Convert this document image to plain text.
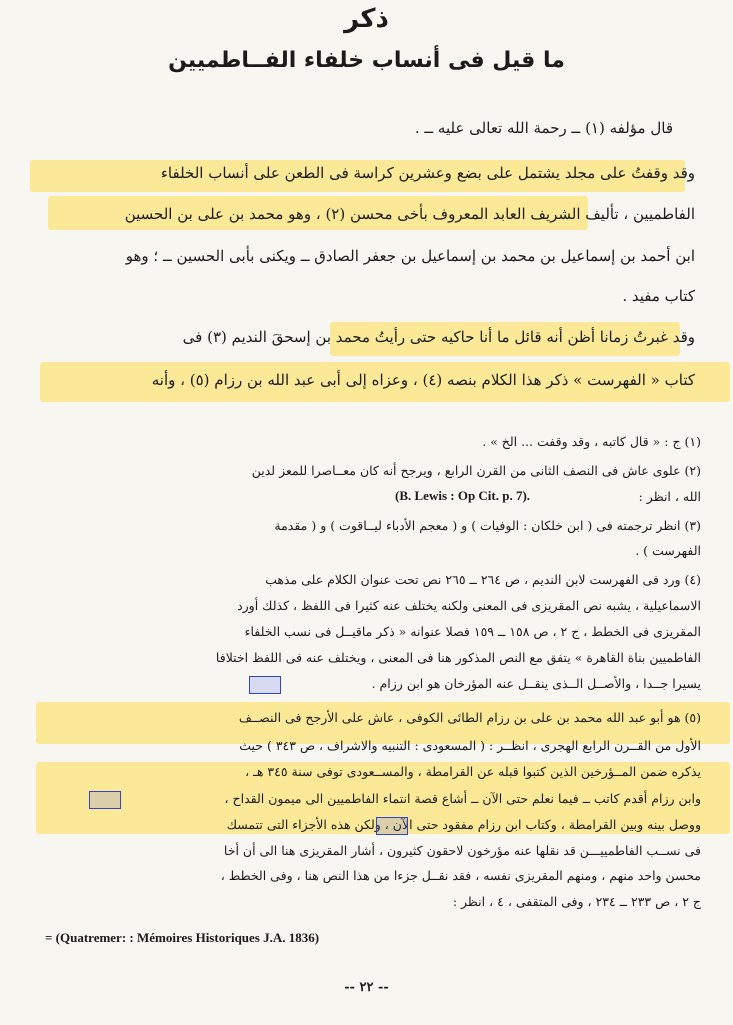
ذكر
ما قيل فى أنساب خلفاء الفــاطميين
قال مؤلفه (١) ــ رحمة الله تعالى عليه ــ .
وقد وقفتُ على مجلد يشتمل على بضع وعشرين كراسة فى الطعن على أنساب الخلفاء
الفاطميين ، تأليف الشريف العابد المعروف بأخى محسن (٢) ، وهو محمد بن على بن الحسين
ابن أحمد بن إسماعيل بن محمد بن إسماعيل بن جعفر الصادق ــ ويكنى بأبى الحسين ــ ؛ وهو
كتاب مفيد .
وقد غبرتُ زمانا أظن أنه قائل ما أنا حاكيه حتى رأيتُ محمد بن إسحقَ النديم (٣) فى
كتاب « الفهرست » ذكر هذا الكلام بنصه (٤) ، وعزاه إلى أبى عبد الله بن رزام (٥) ، وأنه
(١) ج : « قال كاتبه ، وقد وقفت ... الخ » .
(٢) علوى عاش فى النصف الثانى من القرن الرابع ، ويرجح أنه كان معــاصرا للمعز لدين
الله ، انظر :
(B. Lewis : Op Cit. p. 7).
(٣) انظر ترجمته فى ( ابن خلكان : الوفيات ) و ( معجم الأدباء ليــاقوت ) و ( مقدمة
الفهرست ) .
(٤) ورد فى الفهرست لابن النديم ، ص ٢٦٤ ــ ٢٦٥ نص تحت عنوان الكلام على مذهب
الاسماعيلية ، يشبه نص المقريزى فى المعنى ولكنه يختلف عنه كثيرا فى اللفظ ، كذلك أورد
المقريزى فى الخطط ، ج ٢ ، ص ١٥٨ ــ ١٥٩ فصلا عنوانه « ذكر ماقيــل فى نسب الخلفاء
الفاطميين بناة القاهرة » يتفق مع النص المذكور هنا فى المعنى ، ويختلف عنه فى اللفظ اختلافا
يسيرا جــدا ، والأصــل الــذى ينقــل عنه المؤرخان هو ابن رزام .
(٥) هو أبو عبد الله محمد بن على بن رزام الطائى الكوفى ، عاش على الأرجح فى النصــف
الأول من القــرن الرابع الهجرى ، انظــر : ( المسعودى : التنبيه والاشراف ، ص ٣٤٣ ) حيث
يذكره ضمن المــؤرخين الذين كتبوا قبله عن القرامطة ، والمســعودى توفى سنة ٣٤٥ هـ ،
وابن رزام أقدم كاتب ــ فيما نعلم حتى الآن ــ أشاع قصة انتماء الفاطميين الى ميمون القداح ،
ووصل بينه وبين القرامطة ، وكتاب ابن رزام مفقود حتى الآن ، ولكن هذه الأجزاء التى تتمسك
فى نســب الفاطمييـــن قد نقلها عنه مؤرخون لاحقون كثيرون ، أشار المقريزى هنا الى أن أخا
محسن واحد منهم ، ومنهم المقريزى نفسه ، فقد نقــل جزءا من هذا النص هنا ، وفى الخطط ،
ج ٢ ، ص ٢٣٣ ــ ٢٣٤ ، وفى المتقفى ، ٤ ، انظر :
= (Quatremer: : Mémoires Historiques J.A. 1836)
-- ٢٢ --
